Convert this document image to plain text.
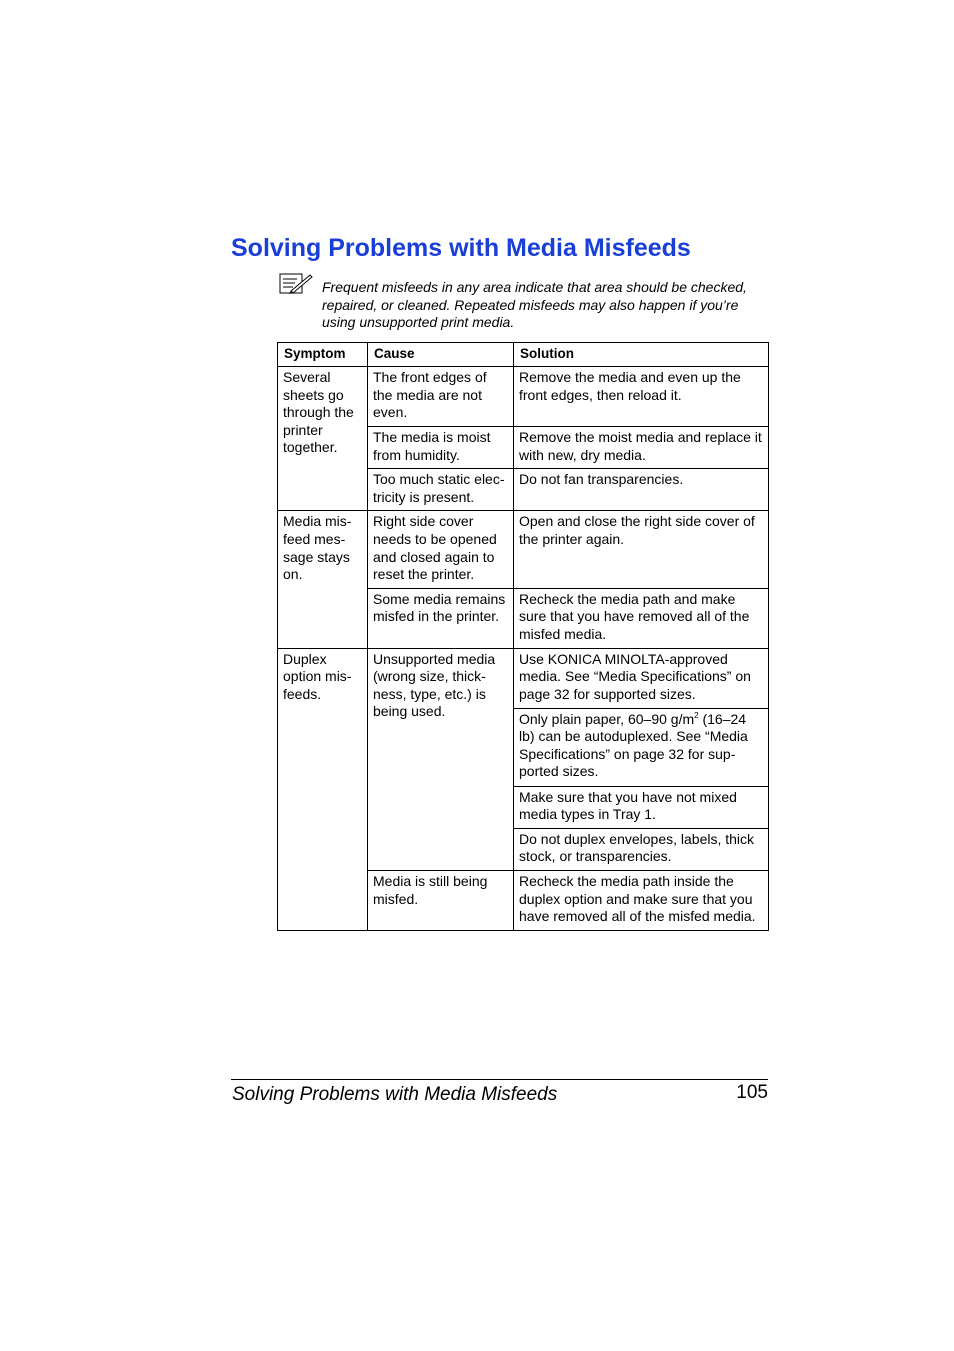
Solving Problems with Media Misfeeds
Frequent misfeeds in any area indicate that area should be checked,
repaired, or cleaned. Repeated misfeeds may also happen if you’re
using unsupported print media.
Symptom	Cause	Solution

Several
sheets go
through the
printer
together.	The front edges of
the media are not
even.	Remove the media and even up the
front edges, then reload it.

	The media is moist
from humidity.	Remove the moist media and replace it
with new, dry media.

	Too much static elec-
tricity is present.	Do not fan transparencies.

Media mis-
feed mes-
sage stays
on.	Right side cover
needs to be opened
and closed again to
reset the printer.	Open and close the right side cover of
the printer again.

	Some media remains
misfed in the printer.	Recheck the media path and make
sure that you have removed all of the
misfed media.

Duplex
option mis-
feeds.	Unsupported media
(wrong size, thick-
ness, type, etc.) is
being used.	Use KONICA MINOLTA-approved
media. See “Media Specifications” on
page 32 for supported sizes.

		Only plain paper, 60–90 $g/m^2$ (16–24
lb) can be autoduplexed. See “Media
Specifications” on page 32 for sup-
ported sizes.

		Make sure that you have not mixed
media types in Tray 1.

		Do not duplex envelopes, labels, thick
stock, or transparencies.

	Media is still being
misfed.	Recheck the media path inside the
duplex option and make sure that you
have removed all of the misfed media.
Solving Problems with Media Misfeeds	105
